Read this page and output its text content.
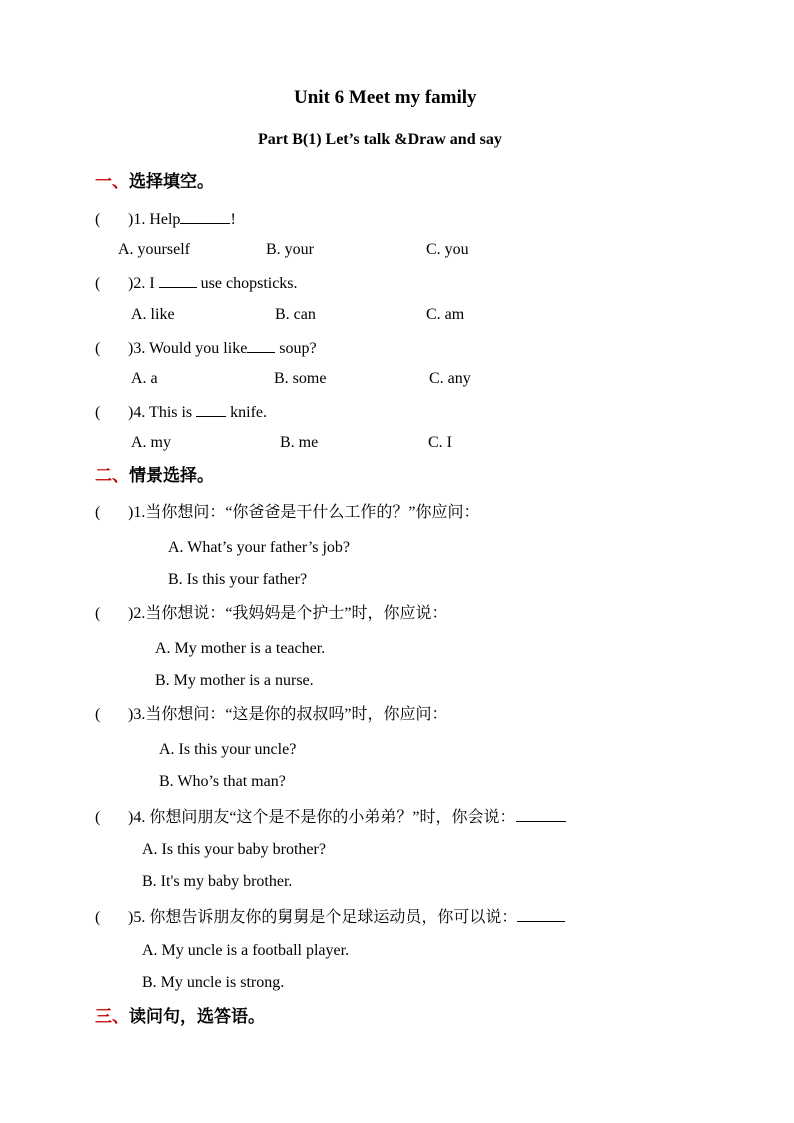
Unit 6 Meet my family
Part B(1) Let’s talk &Draw and say
一、选择填空。
( )1. Help	!
A. yourself	B. your	C. you
( )2. I  use chopsticks.
A. like	B. can	C. am
( )3. Would you like soup?
A. a	B. some	C. any
( )4. This is  knife.
A. my	B. me	C. I
二、情景选择。
( )1.当你想问：“你爸爸是干什么工作的？”你应问：
A. What’s your father’s job?
B. Is this your father?
( )2.当你想说：“我妈妈是个护士”时，你应说：
A. My mother is a teacher.
B. My mother is a nurse.
( )3.当你想问：“这是你的叔叔吗”时，你应问：
A. Is this your uncle?
B. Who’s that man?
( )4. 你想问朋友“这个是不是你的小弟弟？”时，你会说：
A. Is this your baby brother?
B. It's my baby brother.
( )5. 你想告诉朋友你的舅舅是个足球运动员，你可以说：
A. My uncle is a football player.
B. My uncle is strong.
三、读问句，选答语。
